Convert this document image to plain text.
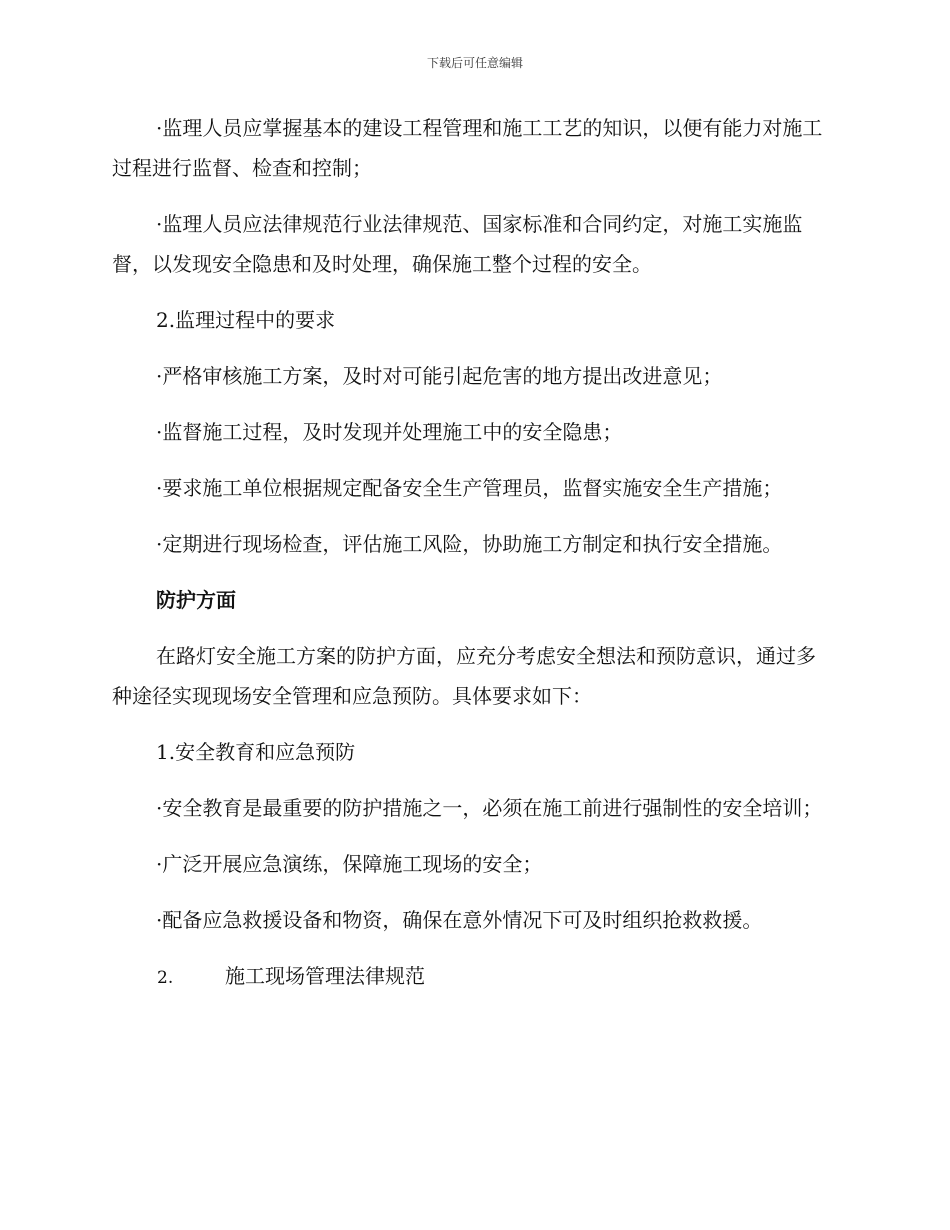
下载后可任意编辑

·监理人员应掌握基本的建设工程管理和施工工艺的知识，以便有能力对施工过程进行监督、检查和控制；

·监理人员应法律规范行业法律规范、国家标准和合同约定，对施工实施监督，以发现安全隐患和及时处理，确保施工整个过程的安全。

2.监理过程中的要求

·严格审核施工方案，及时对可能引起危害的地方提出改进意见；

·监督施工过程，及时发现并处理施工中的安全隐患；

·要求施工单位根据规定配备安全生产管理员，监督实施安全生产措施；

·定期进行现场检查，评估施工风险，协助施工方制定和执行安全措施。

防护方面

在路灯安全施工方案的防护方面，应充分考虑安全想法和预防意识，通过多种途径实现现场安全管理和应急预防。具体要求如下：

1.安全教育和应急预防

·安全教育是最重要的防护措施之一，必须在施工前进行强制性的安全培训；

·广泛开展应急演练，保障施工现场的安全；

·配备应急救援设备和物资，确保在意外情况下可及时组织抢救救援。

2.	施工现场管理法律规范
